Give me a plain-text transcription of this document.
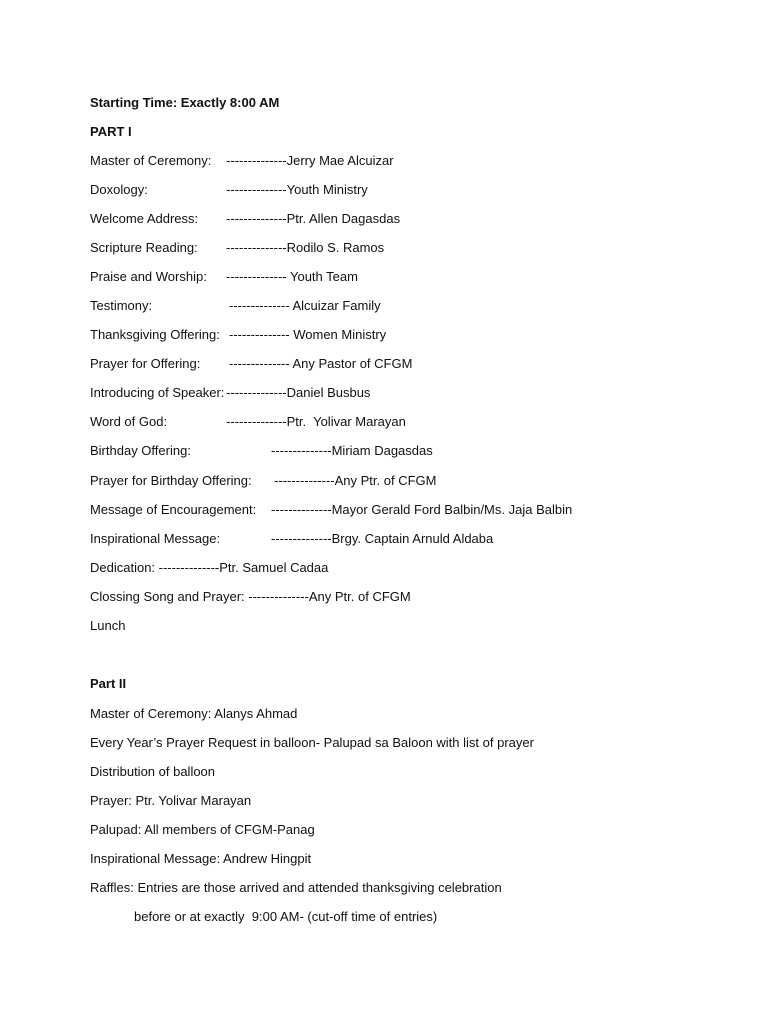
Starting Time: Exactly 8:00 AM
PART I
Master of Ceremony: --------------Jerry Mae Alcuizar
Doxology:	--------------Youth Ministry
Welcome Address: --------------Ptr. Allen Dagasdas
Scripture Reading: --------------Rodilo S. Ramos
Praise and Worship: -------------- Youth Team
Testimony:	-------------- Alcuizar Family
Thanksgiving Offering: -------------- Women Ministry
Prayer for Offering: -------------- Any Pastor of CFGM
Introducing of Speaker: --------------Daniel Busbus
Word of God:	--------------Ptr.  Yolivar Marayan
Birthday Offering:	--------------Miriam Dagasdas
Prayer for Birthday Offering: --------------Any Ptr. of CFGM
Message of Encouragement: --------------Mayor Gerald Ford Balbin/Ms. Jaja Balbin
Inspirational Message:	--------------Brgy. Captain Arnuld Aldaba
Dedication: --------------Ptr. Samuel Cadaa
Clossing Song and Prayer: --------------Any Ptr. of CFGM
Lunch
Part II
Master of Ceremony: Alanys Ahmad
Every Year’s Prayer Request in balloon- Palupad sa Baloon with list of prayer
Distribution of balloon
Prayer: Ptr. Yolivar Marayan
Palupad: All members of CFGM-Panag
Inspirational Message: Andrew Hingpit
Raffles: Entries are those arrived and attended thanksgiving celebration
before or at exactly  9:00 AM- (cut-off time of entries)
